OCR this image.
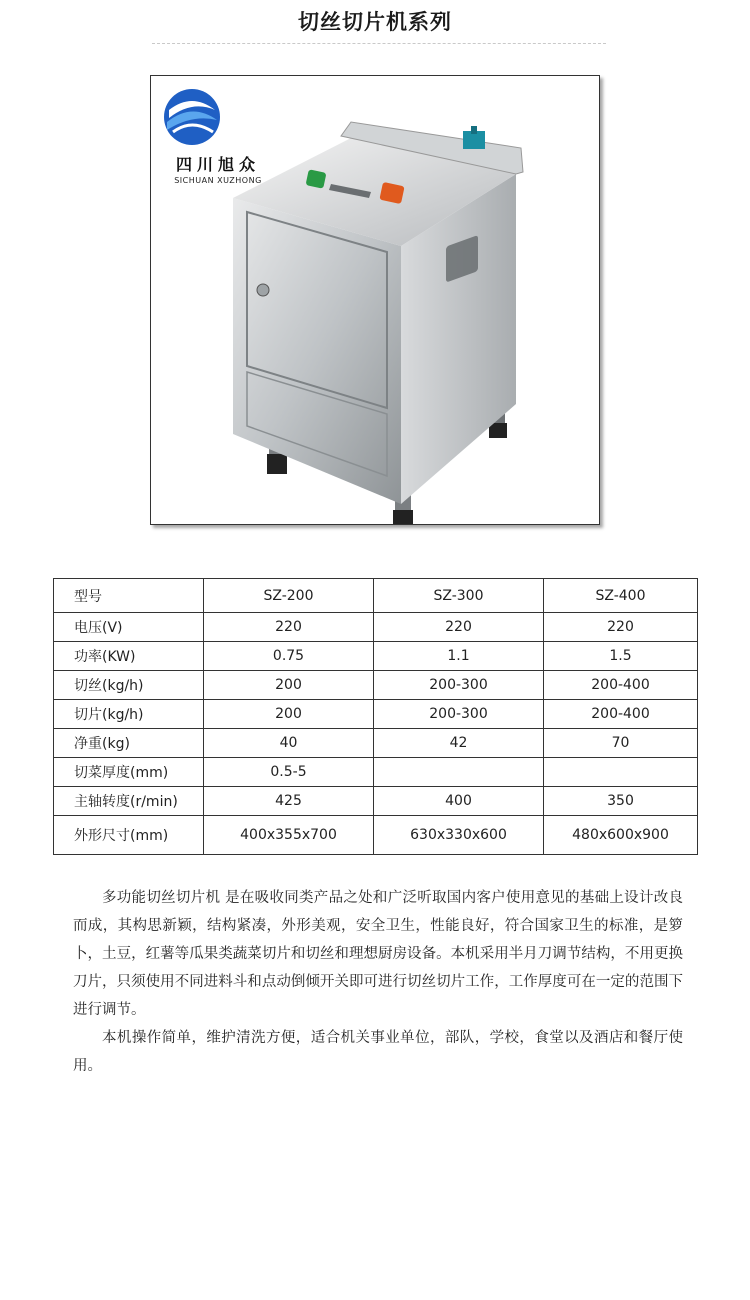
切丝切片机系列
四川旭众
SICHUAN XUZHONG
型号	SZ-200	SZ-300	SZ-400
电压(V)	220	220	220
功率(KW)	0.75	1.1	1.5
切丝(kg/h)	200	200-300	200-400
切片(kg/h)	200	200-300	200-400
净重(kg)	40	42	70
切菜厚度(mm)	0.5-5		
主轴转度(r/min)	425	400	350
外形尺寸(mm)	400x355x700	630x330x600	480x600x900

多功能切丝切片机 是在吸收同类产品之处和广泛听取国内客户使用意见的基础上设计改良而成，其构思新颖，结构紧凑，外形美观，安全卫生，性能良好，符合国家卫生的标准，是箩卜，土豆，红薯等瓜果类蔬菜切片和切丝和理想厨房设备。本机采用半月刀调节结构，不用更换刀片，只须使用不同进料斗和点动倒倾开关即可进行切丝切片工作，工作厚度可在一定的范围下进行调节。

本机操作简单，维护清洗方便，适合机关事业单位，部队，学校，食堂以及酒店和餐厅使用。
